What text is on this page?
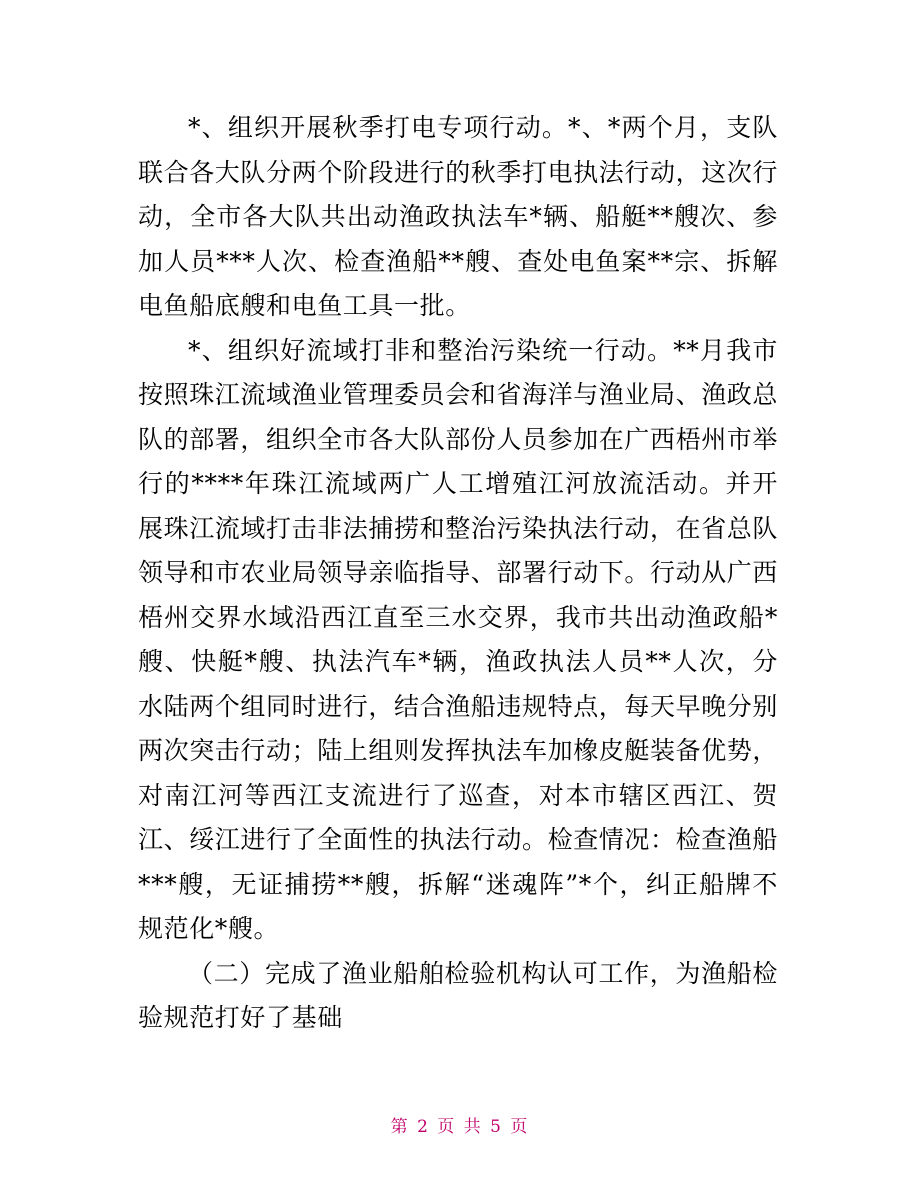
*、组织开展秋季打电专项行动。*、*两个月，支队联合各大队分两个阶段进行的秋季打电执法行动，这次行动，全市各大队共出动渔政执法车*辆、船艇**艘次、参加人员***人次、检查渔船**艘、查处电鱼案**宗、拆解电鱼船底艘和电鱼工具一批。

*、组织好流域打非和整治污染统一行动。**月我市按照珠江流域渔业管理委员会和省海洋与渔业局、渔政总队的部署，组织全市各大队部份人员参加在广西梧州市举行的****年珠江流域两广人工增殖江河放流活动。并开展珠江流域打击非法捕捞和整治污染执法行动，在省总队领导和市农业局领导亲临指导、部署行动下。行动从广西梧州交界水域沿西江直至三水交界，我市共出动渔政船*艘、快艇*艘、执法汽车*辆，渔政执法人员**人次，分水陆两个组同时进行，结合渔船违规特点，每天早晚分别两次突击行动；陆上组则发挥执法车加橡皮艇装备优势，对南江河等西江支流进行了巡查，对本市辖区西江、贺江、绥江进行了全面性的执法行动。检查情况：检查渔船***艘，无证捕捞**艘，拆解“迷魂阵”*个，纠正船牌不规范化*艘。

（二）完成了渔业船舶检验机构认可工作，为渔船检验规范打好了基础

第 2 页 共 5 页
